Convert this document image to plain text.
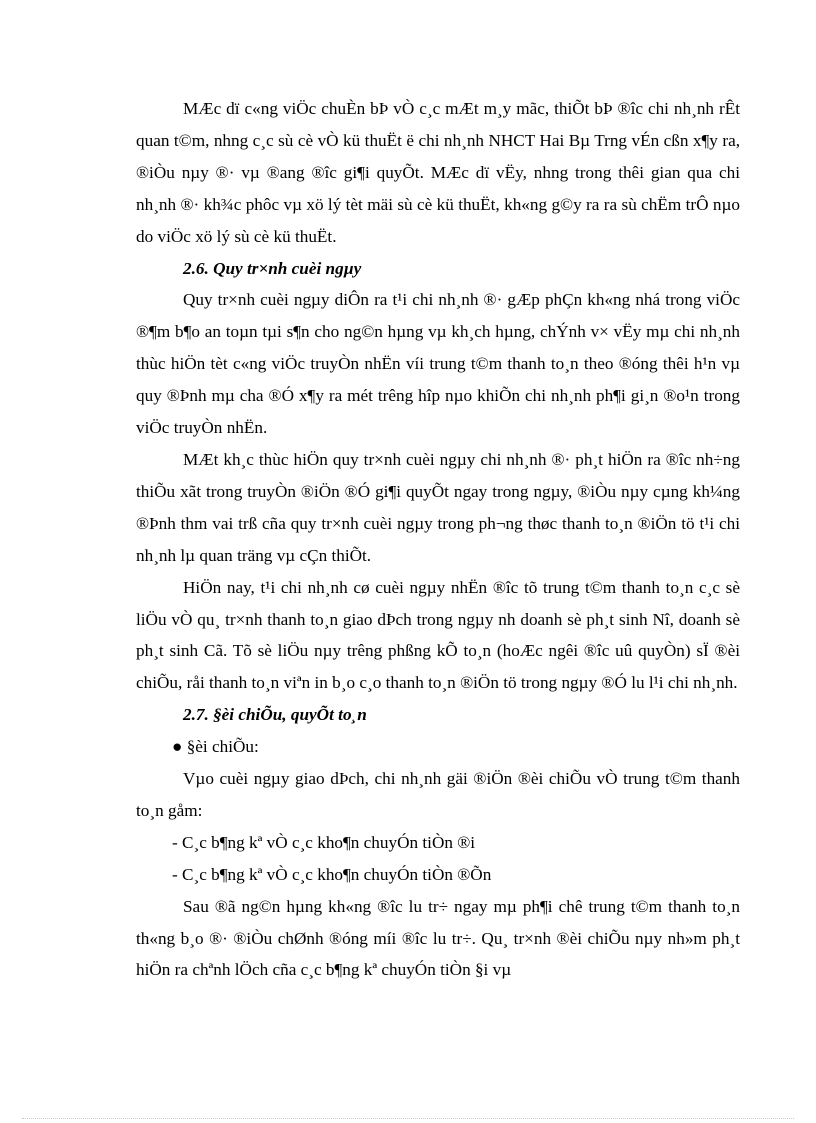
MÆc dï c«ng viÖc chuÈn bÞ vÒ c¸c mÆt m¸y mãc, thiÕt bÞ ®îc chi nh¸nh rÊt quan t©m, nhng c¸c sù cè vÒ kü thuËt ë chi nh¸nh NHCT Hai Bµ Trng vÉn cßn x¶y ra, ®iÒu nµy ®· vµ ®ang ®îc gi¶i quyÕt. MÆc dï vËy, nhng trong thêi gian qua chi nh¸nh ®· kh¾c phôc vµ xö lý tèt mäi sù cè kü thuËt, kh«ng g©y ra ra sù chËm trÔ nµo do viÖc xö lý sù cè kü thuËt.

2.6. Quy tr×nh cuèi ngµy

Quy tr×nh cuèi ngµy diÔn ra t¹i chi nh¸nh ®· gÆp phÇn kh«ng nhá trong viÖc ®¶m b¶o an toµn tµi s¶n cho ng©n hµng vµ kh¸ch hµng, chÝnh v× vËy mµ chi nh¸nh thùc hiÖn tèt c«ng viÖc truyÒn nhËn víi trung t©m thanh to¸n theo ®óng thêi h¹n vµ quy ®Þnh mµ cha ®Ó x¶y ra mét trêng hîp nµo khiÕn chi nh¸nh ph¶i gi¸n ®o¹n trong viÖc truyÒn nhËn.

MÆt kh¸c thùc hiÖn quy tr×nh cuèi ngµy chi nh¸nh ®· ph¸t hiÖn ra ®îc nh÷ng thiÕu xãt trong truyÒn ®iÖn ®Ó gi¶i quyÕt ngay trong ngµy, ®iÒu nµy cµng kh¼ng ®Þnh thm vai trß cña quy tr×nh cuèi ngµy trong ph¬ng thøc thanh to¸n ®iÖn tö t¹i chi nh¸nh lµ quan träng vµ cÇn thiÕt.

HiÖn nay, t¹i chi nh¸nh cø cuèi ngµy nhËn ®îc tõ trung t©m thanh to¸n c¸c sè liÖu vÒ qu¸ tr×nh thanh to¸n giao dÞch trong ngµy nh doanh sè ph¸t sinh Nî, doanh sè ph¸t sinh Cã. Tõ sè liÖu nµy trêng phßng kÕ to¸n (hoÆc ngêi ®îc uû quyÒn) sÏ ®èi chiÕu, råi thanh to¸n viªn in b¸o c¸o thanh to¸n ®iÖn tö trong ngµy ®Ó lu l¹i chi nh¸nh.

2.7. §èi chiÕu, quyÕt to¸n

● §èi chiÕu:

Vµo cuèi ngµy giao dÞch, chi nh¸nh gäi ®iÖn ®èi chiÕu vÒ trung t©m thanh to¸n gåm:

- C¸c b¶ng kª vÒ c¸c kho¶n chuyÓn tiÒn ®i

- C¸c b¶ng kª vÒ c¸c kho¶n chuyÓn tiÒn ®Õn

Sau ®ã ng©n hµng kh«ng ®îc lu tr÷ ngay mµ ph¶i chê trung t©m thanh to¸n th«ng b¸o ®· ®iÒu chØnh ®óng míi ®îc lu tr÷. Qu¸ tr×nh ®èi chiÕu nµy nh»m ph¸t hiÖn ra chªnh lÖch cña c¸c b¶ng kª chuyÓn tiÒn §i vµ
